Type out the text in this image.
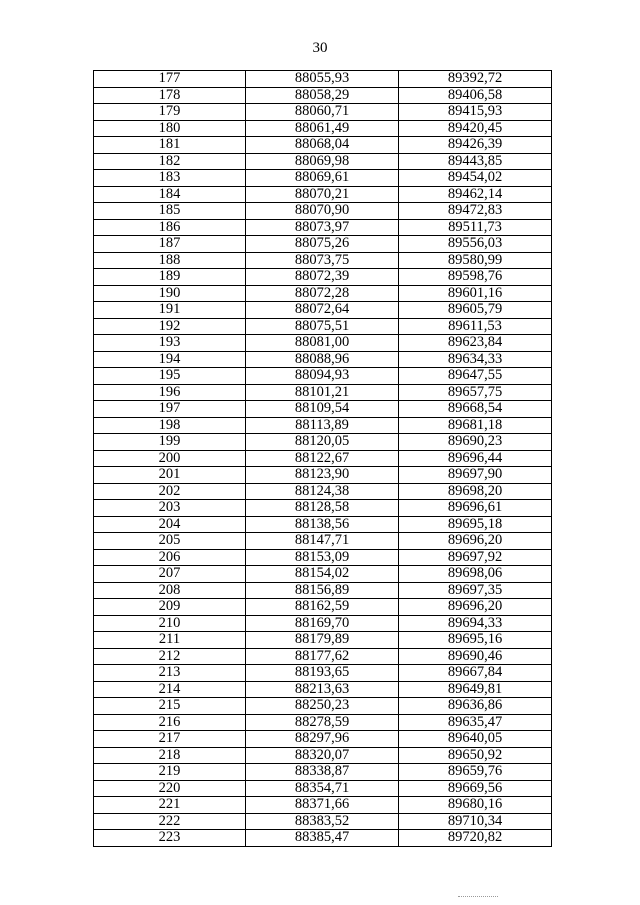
30
177	88055,93	89392,72
178	88058,29	89406,58
179	88060,71	89415,93
180	88061,49	89420,45
181	88068,04	89426,39
182	88069,98	89443,85
183	88069,61	89454,02
184	88070,21	89462,14
185	88070,90	89472,83
186	88073,97	89511,73
187	88075,26	89556,03
188	88073,75	89580,99
189	88072,39	89598,76
190	88072,28	89601,16
191	88072,64	89605,79
192	88075,51	89611,53
193	88081,00	89623,84
194	88088,96	89634,33
195	88094,93	89647,55
196	88101,21	89657,75
197	88109,54	89668,54
198	88113,89	89681,18
199	88120,05	89690,23
200	88122,67	89696,44
201	88123,90	89697,90
202	88124,38	89698,20
203	88128,58	89696,61
204	88138,56	89695,18
205	88147,71	89696,20
206	88153,09	89697,92
207	88154,02	89698,06
208	88156,89	89697,35
209	88162,59	89696,20
210	88169,70	89694,33
211	88179,89	89695,16
212	88177,62	89690,46
213	88193,65	89667,84
214	88213,63	89649,81
215	88250,23	89636,86
216	88278,59	89635,47
217	88297,96	89640,05
218	88320,07	89650,92
219	88338,87	89659,76
220	88354,71	89669,56
221	88371,66	89680,16
222	88383,52	89710,34
223	88385,47	89720,82
